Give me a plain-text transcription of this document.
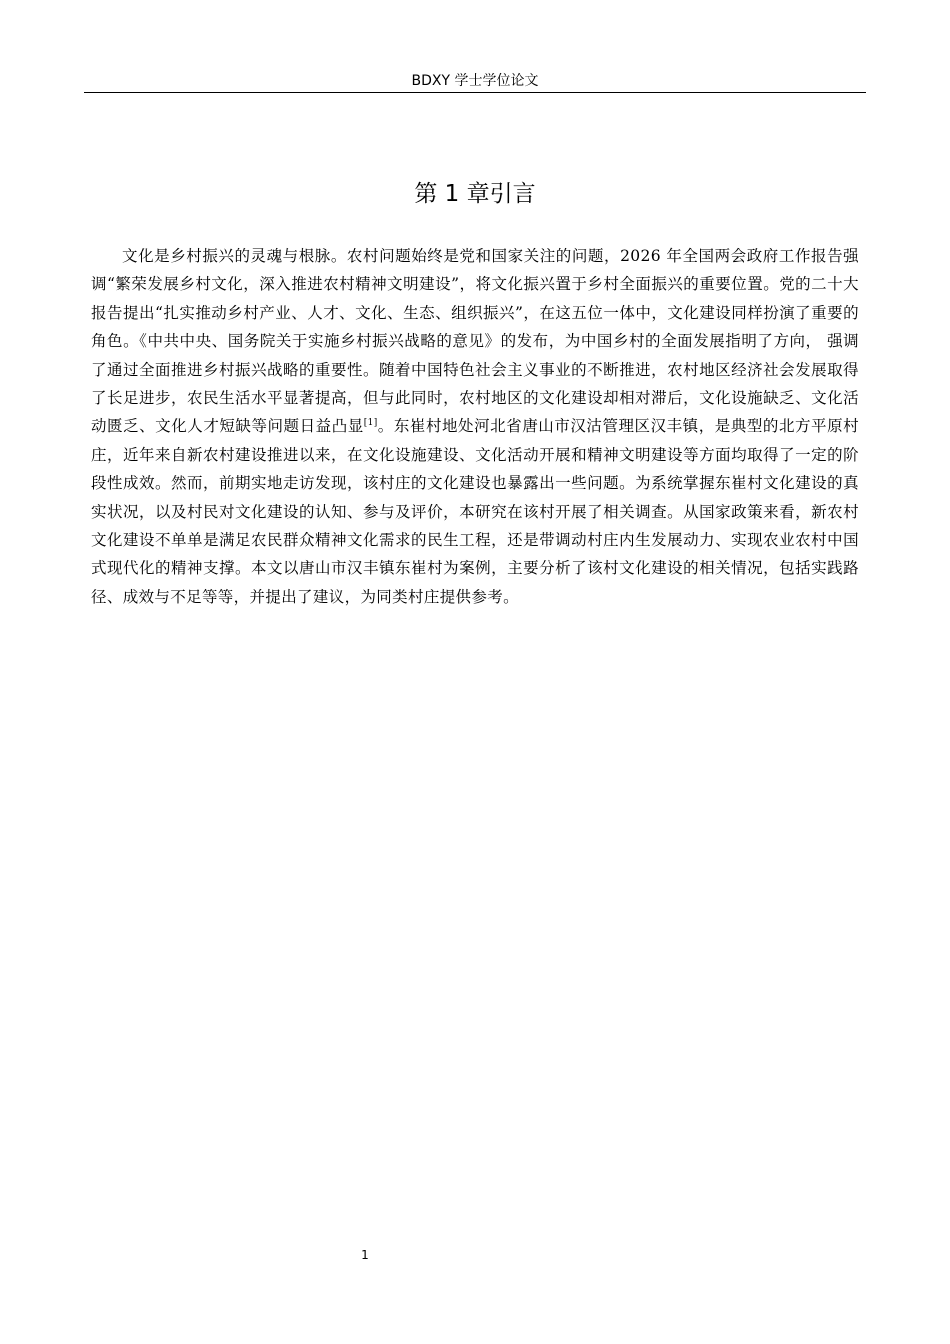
BDXY 学士学位论文
第 1 章引言

文化是乡村振兴的灵魂与根脉。农村问题始终是党和国家关注的问题，2026 年全国两会政府工作报告强调“繁荣发展乡村文化，深入推进农村精神文明建设”，将文化振兴置于乡村全面振兴的重要位置。党的二十大报告提出“扎实推动乡村产业、人才、文化、生态、组织振兴”，在这五位一体中，文化建设同样扮演了重要的角色。《中共中央、国务院关于实施乡村振兴战略的意见》的发布，为中国乡村的全面发展指明了方向， 强调了通过全面推进乡村振兴战略的重要性。随着中国特色社会主义事业的不断推进，农村地区经济社会发展取得了长足进步，农民生活水平显著提高，但与此同时，农村地区的文化建设却相对滞后，文化设施缺乏、文化活动匮乏、文化人才短缺等问题日益凸显[1]。东崔村地处河北省唐山市汉沽管理区汉丰镇，是典型的北方平原村庄，近年来自新农村建设推进以来，在文化设施建设、文化活动开展和精神文明建设等方面均取得了一定的阶段性成效。然而，前期实地走访发现，该村庄的文化建设也暴露出一些问题。为系统掌握东崔村文化建设的真实状况，以及村民对文化建设的认知、参与及评价，本研究在该村开展了相关调查。从国家政策来看，新农村文化建设不单单是满足农民群众精神文化需求的民生工程，还是带调动村庄内生发展动力、实现农业农村中国式现代化的精神支撑。本文以唐山市汉丰镇东崔村为案例，主要分析了该村文化建设的相关情况，包括实践路径、成效与不足等等，并提出了建议，为同类村庄提供参考。

1
